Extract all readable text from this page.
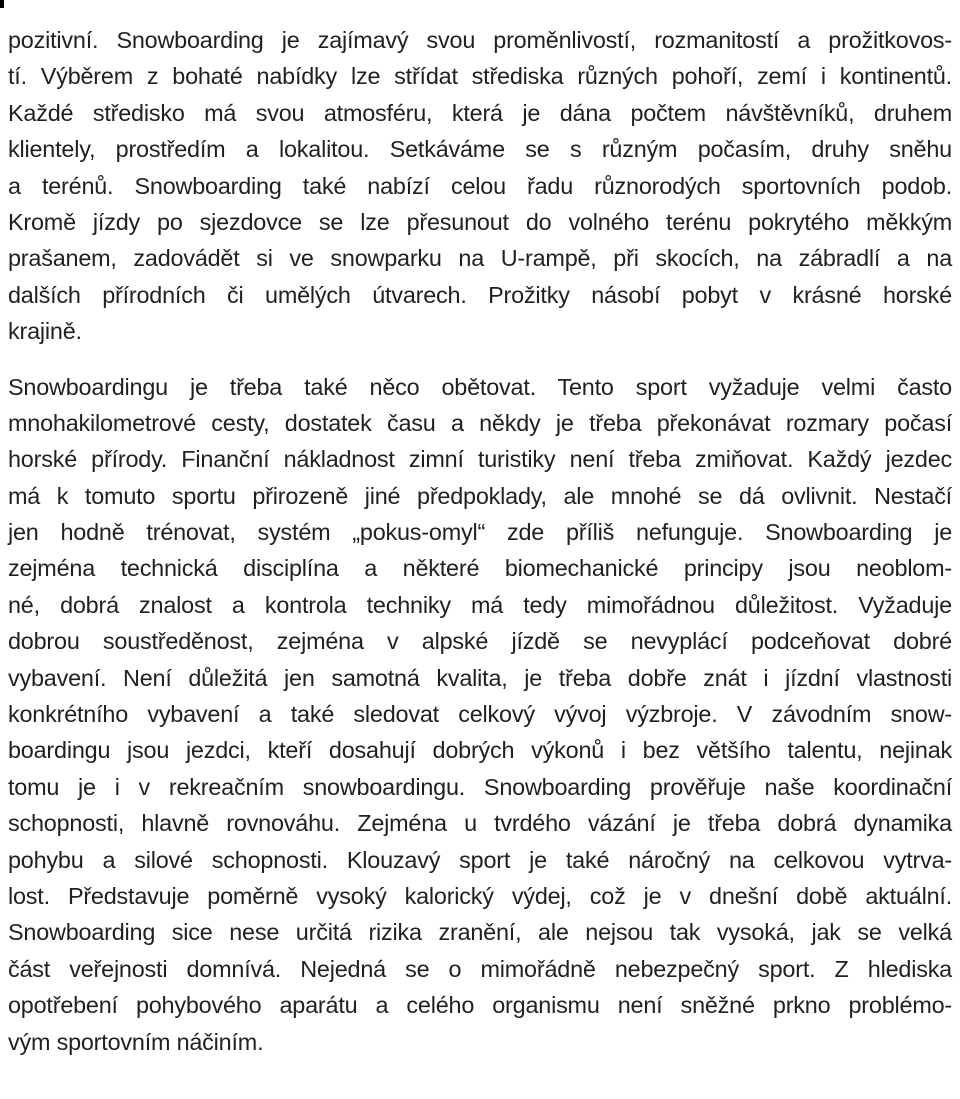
pozitivní. Snowboarding je zajímavý svou proměnlivostí, rozmanitostí a prožitkovos-
tí. Výběrem z bohaté nabídky lze střídat střediska různých pohoří, zemí i kontinentů.
Každé středisko má svou atmosféru, která je dána počtem návštěvníků, druhem
klientely, prostředím a lokalitou. Setkáváme se s různým počasím, druhy sněhu
a terénů. Snowboarding také nabízí celou řadu různorodých sportovních podob.
Kromě jízdy po sjezdovce se lze přesunout do volného terénu pokrytého měkkým
prašanem, zadovádět si ve snowparku na U-rampě, při skocích, na zábradlí a na
dalších přírodních či umělých útvarech. Prožitky násobí pobyt v krásné horské
krajině.
Snowboardingu je třeba také něco obětovat. Tento sport vyžaduje velmi často
mnohakilometrové cesty, dostatek času a někdy je třeba překonávat rozmary počasí
horské přírody. Finanční nákladnost zimní turistiky není třeba zmiňovat. Každý jezdec
má k tomuto sportu přirozeně jiné předpoklady, ale mnohé se dá ovlivnit. Nestačí
jen hodně trénovat, systém „pokus-omyl“ zde příliš nefunguje. Snowboarding je
zejména technická disciplína a některé biomechanické principy jsou neoblom-
né, dobrá znalost a kontrola techniky má tedy mimořádnou důležitost. Vyžaduje
dobrou soustředěnost, zejména v alpské jízdě se nevyplácí podceňovat dobré
vybavení. Není důležitá jen samotná kvalita, je třeba dobře znát i jízdní vlastnosti
konkrétního vybavení a také sledovat celkový vývoj výzbroje. V závodním snow-
boardingu jsou jezdci, kteří dosahují dobrých výkonů i bez většího talentu, nejinak
tomu je i v rekreačním snowboardingu. Snowboarding prověřuje naše koordinační
schopnosti, hlavně rovnováhu. Zejména u tvrdého vázání je třeba dobrá dynamika
pohybu a silové schopnosti. Klouzavý sport je také náročný na celkovou vytrva-
lost. Představuje poměrně vysoký kalorický výdej, což je v dnešní době aktuální.
Snowboarding sice nese určitá rizika zranění, ale nejsou tak vysoká, jak se velká
část veřejnosti domnívá. Nejedná se o mimořádně nebezpečný sport. Z hlediska
opotřebení pohybového aparátu a celého organismu není sněžné prkno problémo-
vým sportovním náčiním.
